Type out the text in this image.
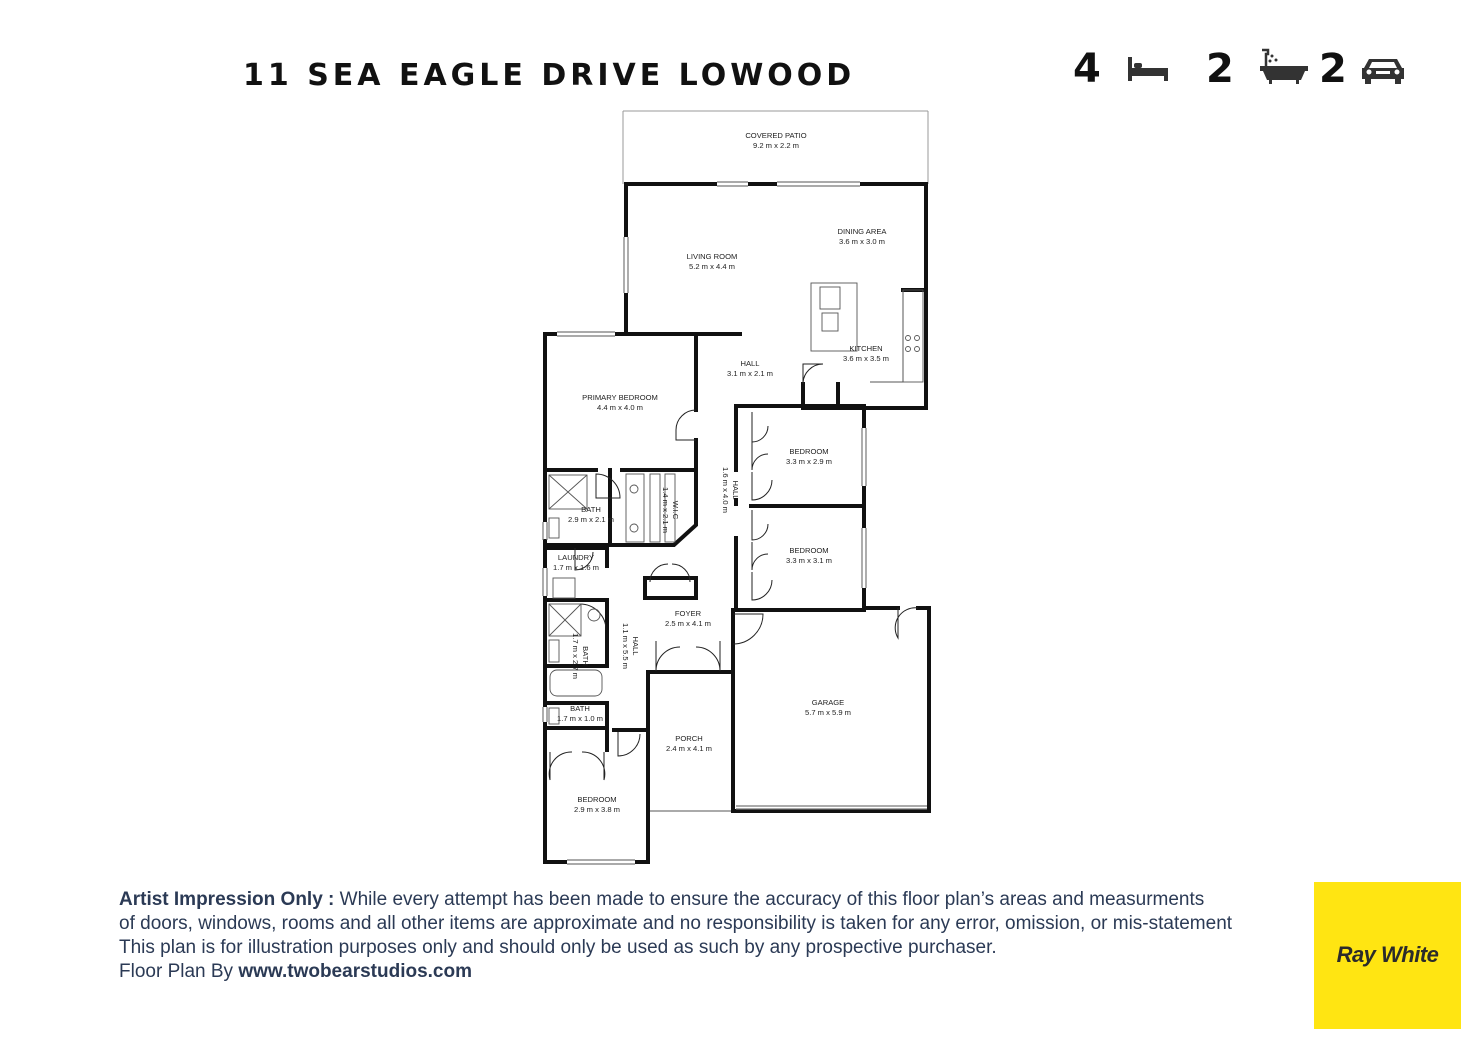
11 SEA EAGLE DRIVE LOWOOD	4	2 2
COVERED PATIO
9.2 m x 2.2 m
LIVING ROOM
5.2 m x 4.4 m
DINING AREA
3.6 m x 3.0 m
KITCHEN
3.6 m x 3.5 m
HALL
3.1 m x 2.1 m
PRIMARY BEDROOM
4.4 m x 4.0 m
BEDROOM
3.3 m x 2.9 m
BATH
2.9 m x 2.1 m
BEDROOM
3.3 m x 3.1 m
LAUNDRY
1.7 m x 1.6 m
FOYER
2.5 m x 4.1 m
GARAGE
5.7 m x 5.9 m
BATH
1.7 m x 1.0 m
PORCH
2.4 m x 4.1 m
BEDROOM
2.9 m x 3.8 m
HALL
1.6 m x 4.0 m
W.I.C
1.4 m x 2.1 m
HALL
1.1 m x 5.5 m
BATH
1.7 m x 2.7 m
Artist Impression Only : While every attempt has been made to ensure the accuracy of this floor plan’s areas and measurments
of doors, windows, rooms and all other items are approximate and no responsibility is taken for any error, omission, or mis-statement
This plan is for illustration purposes only and should only be used as such by any prospective purchaser.
Floor Plan By www.twobearstudios.com
Ray White
